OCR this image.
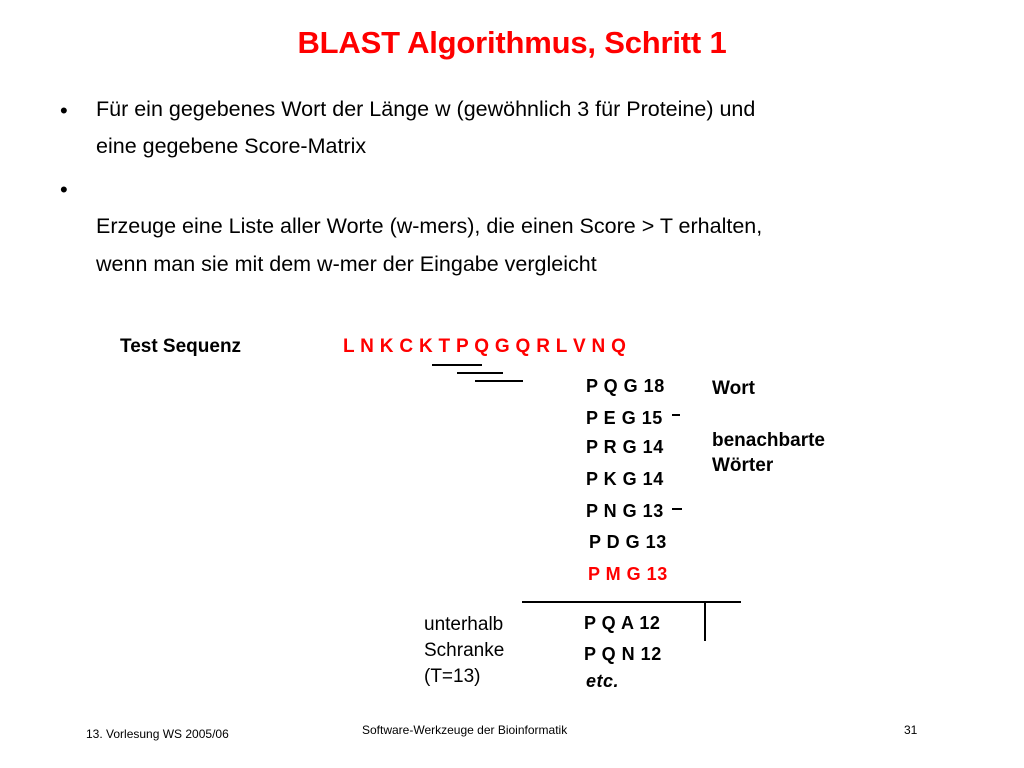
BLAST Algorithmus, Schritt 1
• Für ein gegebenes Wort der Länge w (gewöhnlich 3 für Proteine) und
eine gegebene Score-Matrix
•
Erzeuge eine Liste aller Worte (w-mers), die einen Score > T erhalten,
wenn man sie mit dem w-mer der Eingabe vergleicht
Test Sequenz	L N K C K T P Q G Q R L V N Q
P Q G 18
P E G 15
P R G 14
P K G 14
P N G 13
P D G 13
P M G 13
Wort
benachbarte
Wörter
P Q A 12
P Q N 12
etc.
unterhalb
Schranke
(T=13)
13. Vorlesung WS 2005/06	Software-Werkzeuge der Bioinformatik	31
